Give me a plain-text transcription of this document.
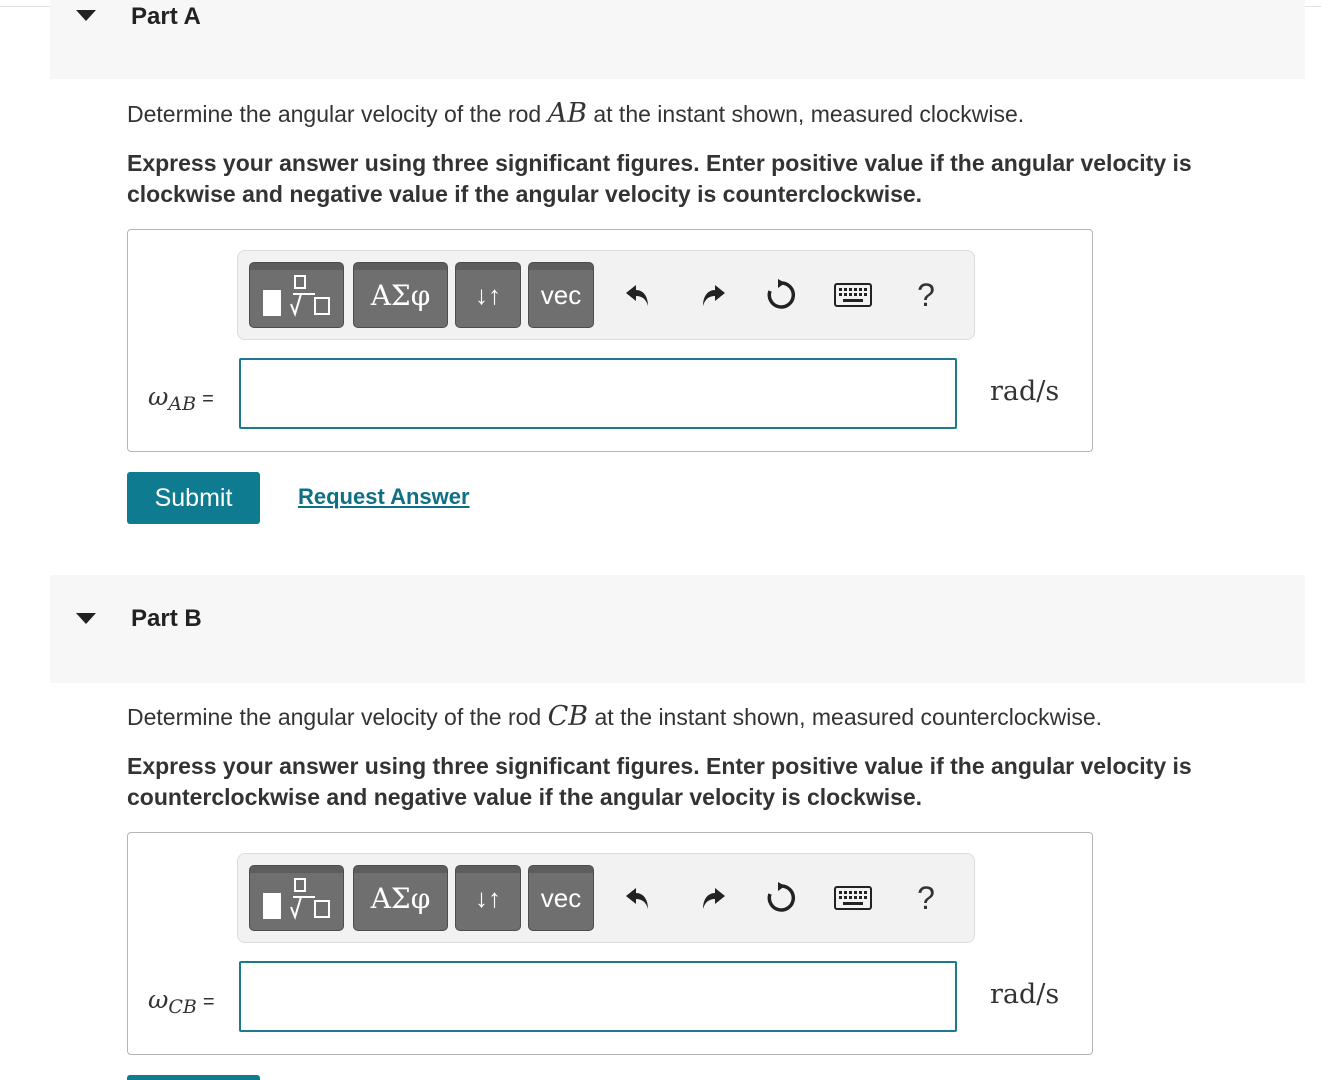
Part A
Determine the angular velocity of the rod AB at the instant shown, measured clockwise.
Express your answer using three significant figures. Enter positive value if the angular velocity is clockwise and negative value if the angular velocity is counterclockwise.
ΑΣφ	↓↑	vec	?
$\omega_{AB}$ =	rad/s
Submit	Request Answer
Part B
Determine the angular velocity of the rod CB at the instant shown, measured counterclockwise.
Express your answer using three significant figures. Enter positive value if the angular velocity is counterclockwise and negative value if the angular velocity is clockwise.
ΑΣφ	↓↑	vec	?
$\omega_{CB}$ =	rad/s
